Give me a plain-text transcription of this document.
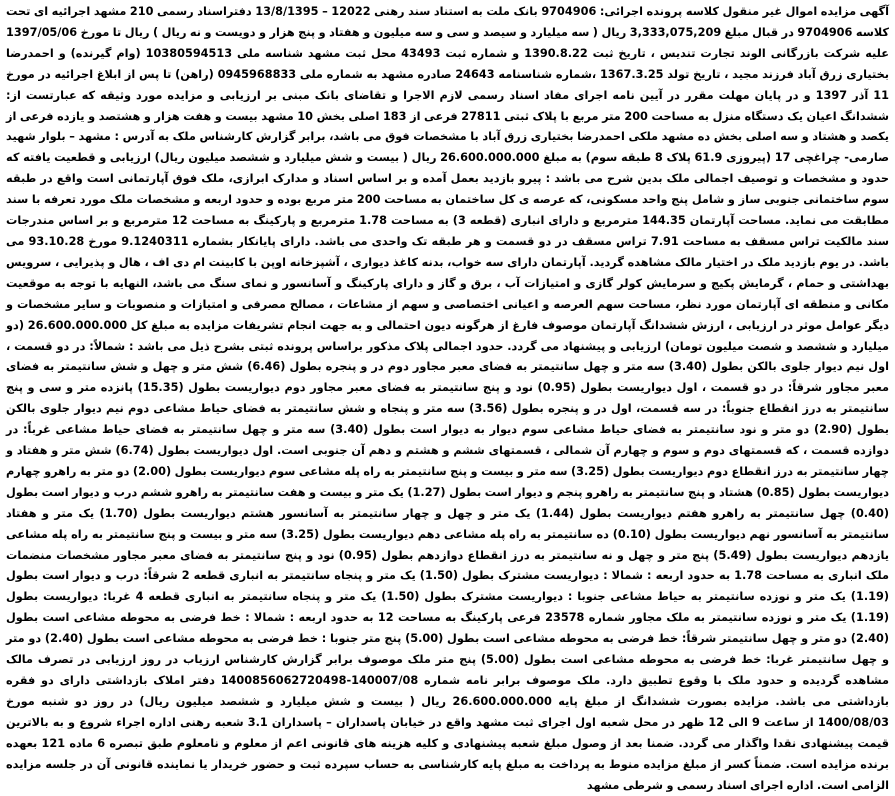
آگهی مزایده اموال غیر منقول کلاسه پرونده اجرائی: 9704906 بانک ملت به استناد سند رهنی 12022 – 13/8/1395 دفتراسناد رسمی 210 مشهد اجرائیه ای تحت کلاسه 9704906 در قبال مبلغ 3,333,075,209 ریال ( سه میلیارد و سیصد و سی و سه میلیون و هفتاد و پنج هزار و دویست و نه ریال ) ریال تا مورخ 1397/05/06 علیه شرکت بازرگانی الوند تجارت تندیس ، تاریخ ثبت 1390.8.22 و شماره ثبت 43493 محل ثبت مشهد شناسه ملی 10380594513 (وام گیرنده) و احمدرضا بختیاری زرق آباد فرزند مجید ، تاریخ تولد 1367.3.25 ،شماره شناسنامه 24643 صادره مشهد به شماره ملی 0945968833 (راهن) تا پس از ابلاغ اجرائیه در مورخ 11 آذر 1397 و در پایان مهلت مقرر در آیین نامه اجرای مفاد اسناد رسمی لازم الاجرا و تقاضای بانک مبنی بر ارزیابی و مزایده مورد وثیقه که عبارتست از: ششدانگ اعیان یک دستگاه منزل به مساحت 200 متر مربع با پلاک ثبتی 27811 فرعی از 183 اصلی بخش 10 مشهد بیست و هفت هزار و هشتصد و یازده فرعی از یکصد و هشتاد و سه اصلی بخش ده مشهد ملکی احمدرضا بختیاری زرق آباد با مشخصات فوق می باشد، برابر گزارش کارشناس ملک به آدرس : مشهد – بلوار شهید صارمی- چراغچی 17 (پیروزی 61.9 پلاک 8 طبقه سوم) به مبلغ 26.600.000.000 ریال ( بیست و شش میلیارد و ششصد میلیون ریال) ارزیابی و قطعیت یافته که حدود و مشخصات و توصیف اجمالی ملک بدین شرح می باشد : پیرو بازدید بعمل آمده و بر اساس اسناد و مدارک ابرازی، ملک فوق آپارتمانی است واقع در طبقه سوم ساختمانی جنوبی ساز و شامل پنج واحد مسکونی، که عرصه ی کل ساختمان به مساحت 200 متر مربع بوده و حدود اربعه و مشخصات ملک مورد تعرفه با سند مطابقت می نماید. مساحت آپارتمان 144.35 مترمربع و دارای انباری (قطعه 3) به مساحت 1.78 مترمربع و پارکینگ به مساحت 12 مترمربع و بر اساس مندرجات سند مالکیت تراس مسقف به مساحت 7.91 تراس مسقف در دو قسمت و هر طبقه تک واحدی می باشد. دارای پایانکار بشماره 9.1240311 مورخ 93.10.28 می باشد. در یوم بازدید ملک در اختیار مالک مشاهده گردید. آپارتمان دارای سه خواب، بدنه کاغذ دیواری ، آشپزخانه اوپن با کابینت ام دی اف ، هال و پذیرایی ، سرویس بهداشتی و حمام ، گرمایش پکیج و سرمایش کولر گازی و امتیازات آب ، برق و گاز و دارای پارکینگ و آسانسور و نمای سنگ می باشد، النهایه با توجه به موقعیت مکانی و منطقه ای آپارتمان مورد نظر، مساحت سهم العرصه و اعیانی اختصاصی و سهم از مشاعات ، مصالح مصرفی و امتیازات و منصوبات و سایر مشخصات و دیگر عوامل موثر در ارزیابی ، ارزش ششدانگ آپارتمان موصوف فارغ از هرگونه دیون احتمالی و به جهت انجام تشریفات مزایده به مبلغ کل 26.600.000.000 (دو میلیارد و ششصد و شصت میلیون تومان) ارزیابی و پیشنهاد می گردد. حدود اجمالی پلاک مذکور براساس پرونده ثبتی بشرح ذیل می باشد : شمالاً: در دو قسمت ، اول نیم دیوار جلوی بالکن بطول (3.40) سه متر و چهل سانتیمتر به فضای معبر مجاور دوم در و پنجره بطول (6.46) شش متر و چهل و شش سانتیمتر به فضای معبر مجاور شرقاً: در دو قسمت ، اول دیواریست بطول (0.95) نود و پنج سانتیمتر به فضای معبر مجاور دوم دیواریست بطول (15.35) پانزده متر و سی و پنج سانتیمتر به درز انقطاع جنوباً: در سه قسمت، اول در و پنجره بطول (3.56) سه متر و پنجاه و شش سانتیمتر به فضای حیاط مشاعی دوم نیم دیوار جلوی بالکن بطول (2.90) دو متر و نود سانتیمتر به فضای حیاط مشاعی سوم دیوار به دیوار است بطول (3.40) سه متر و چهل سانتیمتر به فضای حیاط مشاعی غرباً: در دوازده قسمت ، که قسمتهای دوم و سوم و چهارم آن شمالی ، قسمتهای ششم و هشتم و دهم آن جنوبی است. اول دیواریست بطول (6.74) شش متر و هفتاد و چهار سانتیمتر به درز انقطاع دوم دیواریست بطول (3.25) سه متر و بیست و پنج سانتیمتر به راه پله مشاعی سوم دیواریست بطول (2.00) دو متر به راهرو چهارم دیواریست بطول (0.85) هشتاد و پنج سانتیمتر به راهرو پنجم و دیوار است بطول (1.27) یک متر و بیست و هفت سانتیمتر به راهرو ششم درب و دیوار است بطول (0.40) چهل سانتیمتر به راهرو هفتم دیواریست بطول (1.44) یک متر و چهل و چهار سانتیمتر به آسانسور هشتم دیواریست بطول (1.70) یک متر و هفتاد سانتیمتر به آسانسور نهم دیواریست بطول (0.10) ده سانتیمتر به راه پله مشاعی دهم دیواریست بطول (3.25) سه متر و بیست و پنج سانتیمتر به راه پله مشاعی یازدهم دیواریست بطول (5.49) پنج متر و چهل و نه سانتیمتر به درز انقطاع دوازدهم بطول (0.95) نود و پنج سانتیمتر به فضای معبر مجاور مشخصات منضمات ملک انباری به مساحت 1.78 به حدود اربعه : شمالا : دیواریست مشترک بطول (1.50) یک متر و پنجاه سانتیمتر به انباری قطعه 2 شرقاً: درب و دیوار است بطول (1.19) یک متر و نوزده سانتیمتر به حیاط مشاعی جنوبا : دیواریست مشترک بطول (1.50) یک متر و پنجاه سانتیمتر به انباری قطعه 4 غربا: دیواریست بطول (1.19) یک متر و نوزده سانتیمتر به ملک مجاور شماره 23578 فرعی پارکینگ به مساحت 12 به حدود اربعه : شمالا : خط فرضی به محوطه مشاعی است بطول (2.40) دو متر و چهل سانتیمتر شرقاً: خط فرضی به محوطه مشاعی است بطول (5.00) پنج متر جنوبا : خط فرضی به محوطه مشاعی است بطول (2.40) دو متر و چهل سانتیمتر غربا: خط فرضی به محوطه مشاعی است بطول (5.00) پنج متر ملک موصوف برابر گزارش کارشناس ارزیاب در روز ارزیابی در تصرف مالک مشاهده گردیده و حدود ملک با وقوع تطبیق دارد. ملک موصوف برابر نامه شماره 140007/08-1400856062720498 دفتر املاک بازداشتی دارای دو فقره بازداشتی می باشد. مزایده بصورت ششدانگ از مبلغ پایه 26.600.000.000 ریال ( بیست و شش میلیارد و ششصد میلیون ریال) در روز دو شنبه مورخ 1400/08/03 از ساعت 9 الی 12 ظهر در محل شعبه اول اجرای ثبت مشهد واقع در خیابان پاسداران – پاسداران 3.1 شعبه رهنی اداره اجراء شروع و به بالاترین قیمت پیشنهادی نقدا واگذار می گردد. ضمنا بعد از وصول مبلغ شعبه پیشنهادی و کلیه هزینه های قانونی اعم از معلوم و نامعلوم طبق تبصره 6 ماده 121 بعهده برنده مزایده است. ضمناً کسر از مبلغ مزایده منوط به پرداخت به مبلغ پایه کارشناسی به حساب سپرده ثبت و حضور خریدار یا نماینده قانونی آن در جلسه مزایده الزامی است. اداره اجرای اسناد رسمی و شرطی مشهد
